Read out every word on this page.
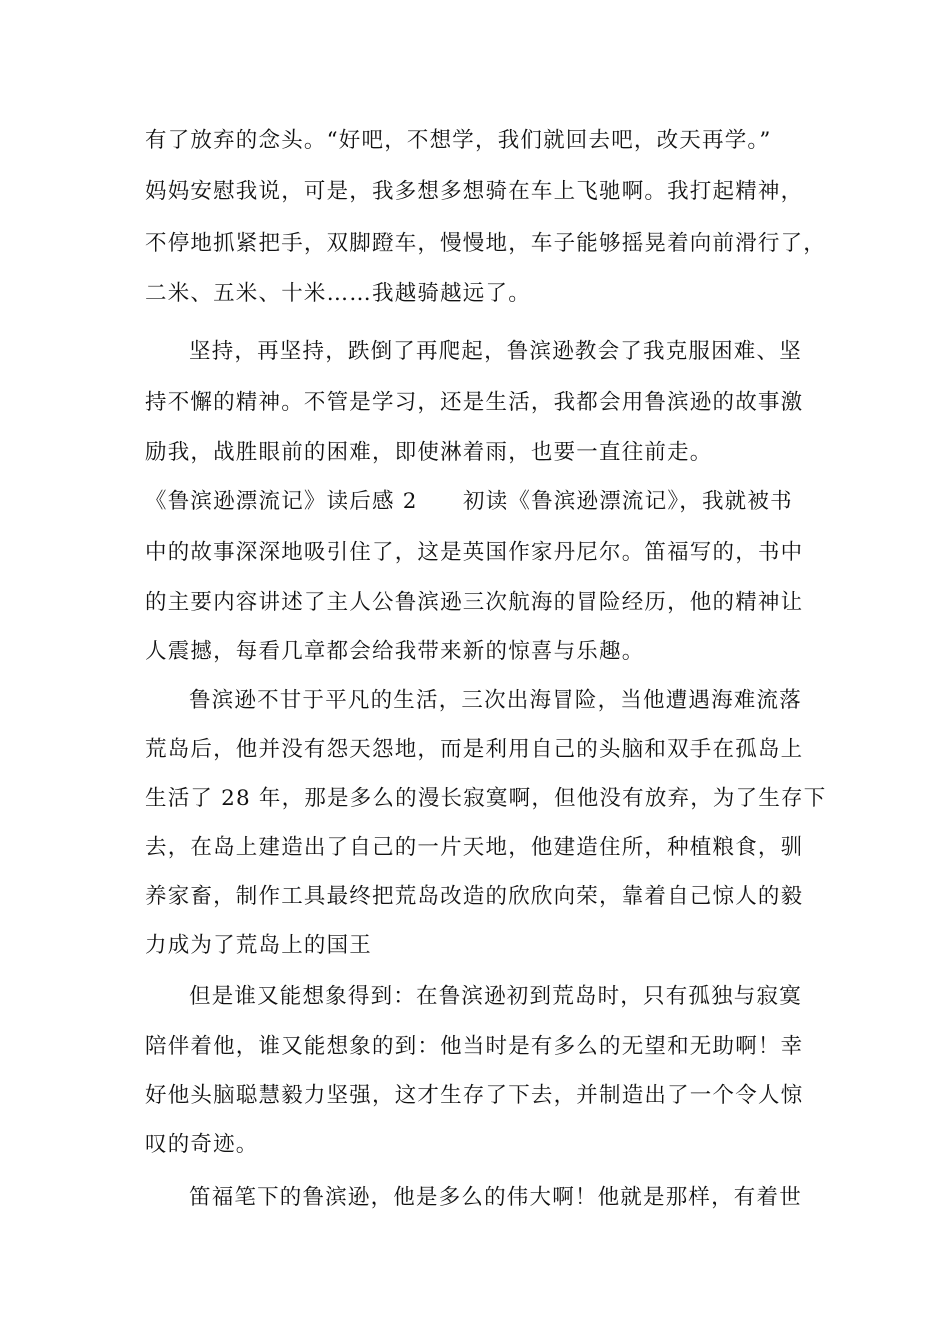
有了放弃的念头。“好吧，不想学，我们就回去吧，改天再学。”
妈妈安慰我说，可是，我多想多想骑在车上飞驰啊。我打起精神，
不停地抓紧把手，双脚蹬车，慢慢地，车子能够摇晃着向前滑行了，
二米、五米、十米……我越骑越远了。
坚持，再坚持，跌倒了再爬起，鲁滨逊教会了我克服困难、坚
持不懈的精神。不管是学习，还是生活，我都会用鲁滨逊的故事激
励我，战胜眼前的困难，即使淋着雨，也要一直往前走。
《鲁滨逊漂流记》读后感 2　　初读《鲁滨逊漂流记》，我就被书
中的故事深深地吸引住了，这是英国作家丹尼尔。笛福写的，书中
的主要内容讲述了主人公鲁滨逊三次航海的冒险经历，他的精神让
人震撼，每看几章都会给我带来新的惊喜与乐趣。
鲁滨逊不甘于平凡的生活，三次出海冒险，当他遭遇海难流落
荒岛后，他并没有怨天怨地，而是利用自己的头脑和双手在孤岛上
生活了 28 年，那是多么的漫长寂寞啊，但他没有放弃，为了生存下
去，在岛上建造出了自己的一片天地，他建造住所，种植粮食，驯
养家畜，制作工具最终把荒岛改造的欣欣向荣，靠着自己惊人的毅
力成为了荒岛上的国王
但是谁又能想象得到：在鲁滨逊初到荒岛时，只有孤独与寂寞
陪伴着他，谁又能想象的到：他当时是有多么的无望和无助啊！幸
好他头脑聪慧毅力坚强，这才生存了下去，并制造出了一个令人惊
叹的奇迹。
笛福笔下的鲁滨逊，他是多么的伟大啊！他就是那样，有着世
